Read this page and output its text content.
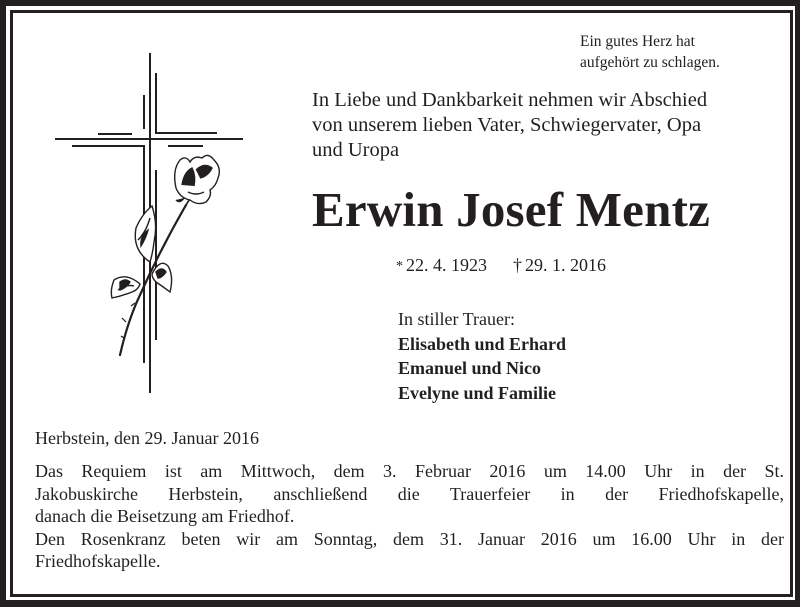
Ein gutes Herz hat
aufgehört zu schlagen.
In Liebe und Dankbarkeit nehmen wir Abschied
von unserem lieben Vater, Schwiegervater, Opa
und Uropa
Erwin Josef Mentz
* 22. 4. 1923 † 29. 1. 2016
In stiller Trauer:
Elisabeth und Erhard
Emanuel und Nico
Evelyne und Familie
Herbstein, den 29. Januar 2016
Das Requiem ist am Mittwoch, dem 3. Februar 2016 um 14.00 Uhr in der St.
Jakobuskirche Herbstein, anschließend die Trauerfeier in der Friedhofskapelle,
danach die Beisetzung am Friedhof.
Den Rosenkranz beten wir am Sonntag, dem 31. Januar 2016 um 16.00 Uhr in der
Friedhofskapelle.
